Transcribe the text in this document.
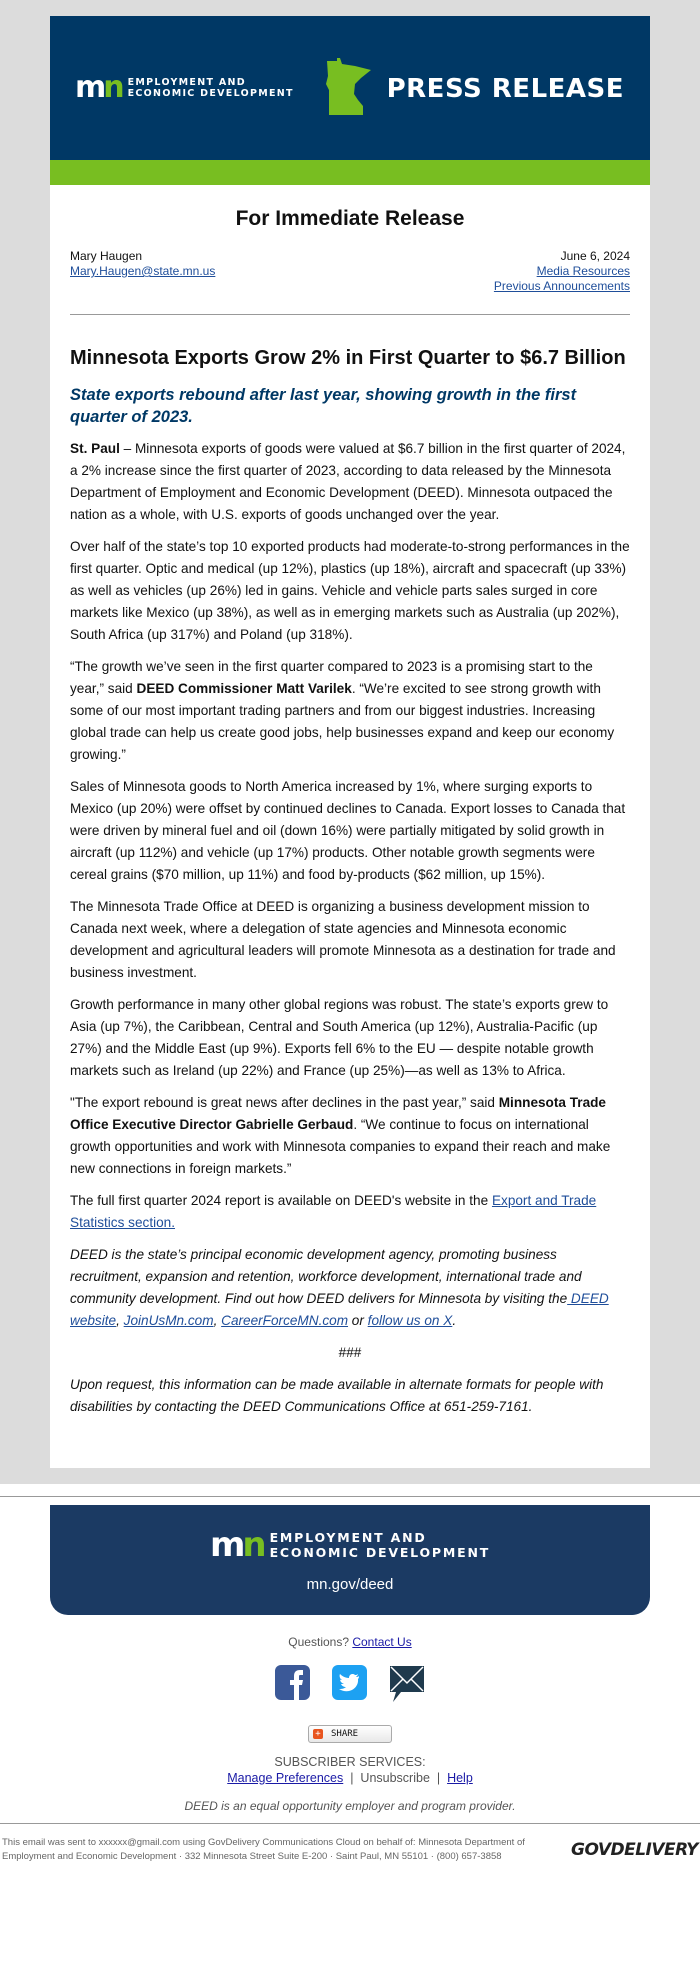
mn EMPLOYMENT AND
ECONOMIC DEVELOPMENT	PRESS RELEASE
For Immediate Release
Mary Haugen
Mary.Haugen@state.mn.us
June 6, 2024
Media Resources
Previous Announcements
Minnesota Exports Grow 2% in First Quarter to $6.7 Billion
State exports rebound after last year, showing growth in the first quarter of 2023.

St. Paul – Minnesota exports of goods were valued at $6.7 billion in the first quarter of 2024, a 2% increase since the first quarter of 2023, according to data released by the Minnesota Department of Employment and Economic Development (DEED). Minnesota outpaced the nation as a whole, with U.S. exports of goods unchanged over the year.

Over half of the state’s top 10 exported products had moderate-to-strong performances in the first quarter. Optic and medical (up 12%), plastics (up 18%), aircraft and spacecraft (up 33%) as well as vehicles (up 26%) led in gains. Vehicle and vehicle parts sales surged in core markets like Mexico (up 38%), as well as in emerging markets such as Australia (up 202%), South Africa (up 317%) and Poland (up 318%).

“The growth we’ve seen in the first quarter compared to 2023 is a promising start to the year,” said DEED Commissioner Matt Varilek. “We’re excited to see strong growth with some of our most important trading partners and from our biggest industries. Increasing global trade can help us create good jobs, help businesses expand and keep our economy growing.”

Sales of Minnesota goods to North America increased by 1%, where surging exports to Mexico (up 20%) were offset by continued declines to Canada. Export losses to Canada that were driven by mineral fuel and oil (down 16%) were partially mitigated by solid growth in aircraft (up 112%) and vehicle (up 17%) products. Other notable growth segments were cereal grains ($70 million, up 11%) and food by-products ($62 million, up 15%).

The Minnesota Trade Office at DEED is organizing a business development mission to Canada next week, where a delegation of state agencies and Minnesota economic development and agricultural leaders will promote Minnesota as a destination for trade and business investment.

Growth performance in many other global regions was robust. The state’s exports grew to Asia (up 7%), the Caribbean, Central and South America (up 12%), Australia-Pacific (up 27%) and the Middle East (up 9%). Exports fell 6% to the EU — despite notable growth markets such as Ireland (up 22%) and France (up 25%)—as well as 13% to Africa.

"The export rebound is great news after declines in the past year,” said Minnesota Trade Office Executive Director Gabrielle Gerbaud. “We continue to focus on international growth opportunities and work with Minnesota companies to expand their reach and make new connections in foreign markets.”

The full first quarter 2024 report is available on DEED's website in the Export and Trade Statistics section.

DEED is the state’s principal economic development agency, promoting business recruitment, expansion and retention, workforce development, international trade and community development. Find out how DEED delivers for Minnesota by visiting the DEED website, JoinUsMn.com, CareerForceMN.com or follow us on X.

###

Upon request, this information can be made available in alternate formats for people with disabilities by contacting the DEED Communications Office at 651-259-7161.

mn EMPLOYMENT AND
ECONOMIC DEVELOPMENT
mn.gov/deed
Questions? Contact Us
+ SHARE
SUBSCRIBER SERVICES:
Manage Preferences | Unsubscribe | Help
DEED is an equal opportunity employer and program provider.
This email was sent to xxxxxx@gmail.com using GovDelivery Communications Cloud on behalf of: Minnesota Department of
Employment and Economic Development · 332 Minnesota Street Suite E-200 · Saint Paul, MN 55101 · (800) 657-3858	GOVDELIVERY
